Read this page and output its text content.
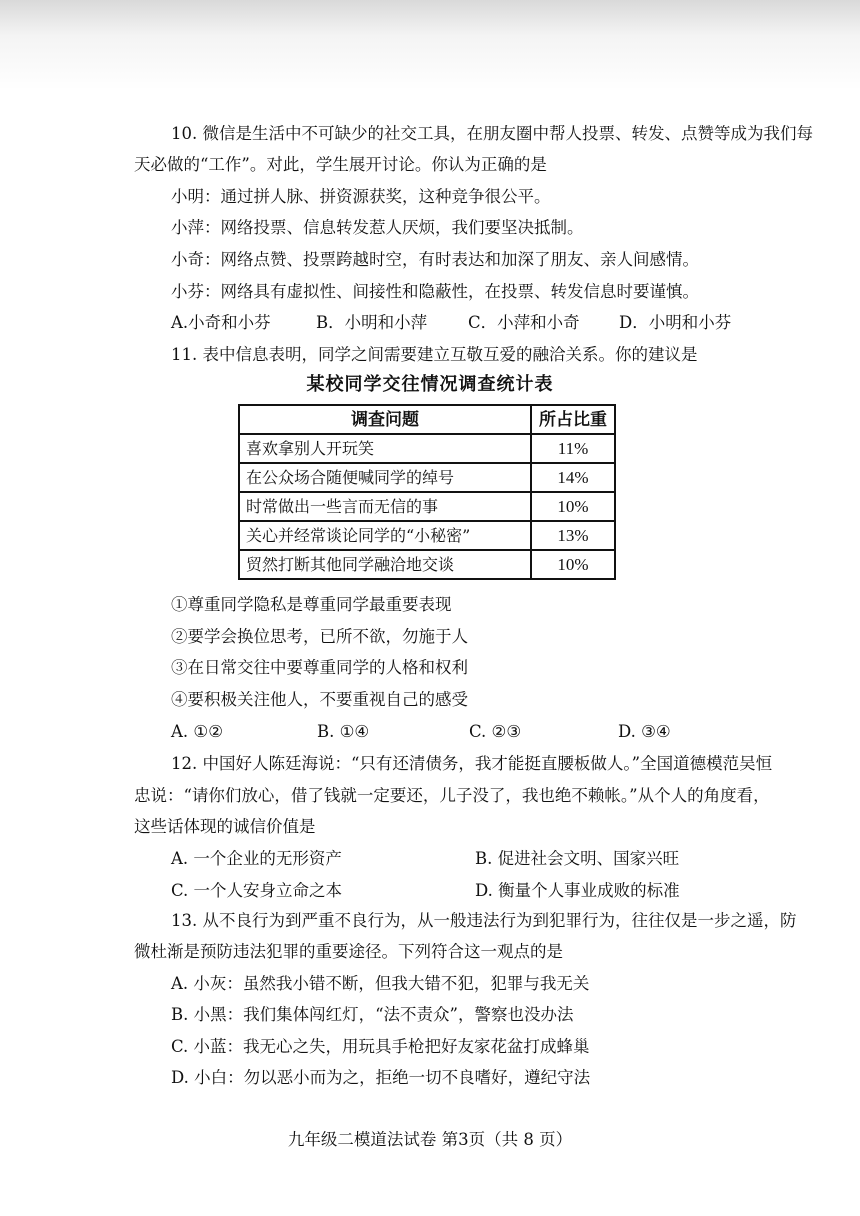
10. 微信是生活中不可缺少的社交工具，在朋友圈中帮人投票、转发、点赞等成为我们每
天必做的“工作”。对此，学生展开讨论。你认为正确的是
小明：通过拼人脉、拼资源获奖，这种竞争很公平。
小萍：网络投票、信息转发惹人厌烦，我们要坚决抵制。
小奇：网络点赞、投票跨越时空，有时表达和加深了朋友、亲人间感情。
小芬：网络具有虚拟性、间接性和隐蔽性，在投票、转发信息时要谨慎。
A.小奇和小芬	B．小明和小萍 C．小萍和小奇 D．小明和小芬
11. 表中信息表明，同学之间需要建立互敬互爱的融洽关系。你的建议是
某校同学交往情况调查统计表
调查问题	所占比重
喜欢拿别人开玩笑	11%
在公众场合随便喊同学的绰号	14%
时常做出一些言而无信的事	10%
关心并经常谈论同学的“小秘密”	13%
贸然打断其他同学融洽地交谈	10%
①尊重同学隐私是尊重同学最重要表现
②要学会换位思考，已所不欲，勿施于人
③在日常交往中要尊重同学的人格和权利
④要积极关注他人，不要重视自己的感受
A. ①②	B. ①④	C. ②③	D. ③④
12. 中国好人陈廷海说：“只有还清债务，我才能挺直腰板做人。”全国道德模范吴恒
忠说：“请你们放心，借了钱就一定要还，儿子没了，我也绝不赖帐。”从个人的角度看，
这些话体现的诚信价值是
A. 一个企业的无形资产	B. 促进社会文明、国家兴旺
C. 一个人安身立命之本	D. 衡量个人事业成败的标准
13. 从不良行为到严重不良行为，从一般违法行为到犯罪行为，往往仅是一步之遥，防
微杜渐是预防违法犯罪的重要途径。下列符合这一观点的是
A. 小灰：虽然我小错不断，但我大错不犯，犯罪与我无关
B. 小黑：我们集体闯红灯，“法不责众”，警察也没办法
C. 小蓝：我无心之失，用玩具手枪把好友家花盆打成蜂巢
D. 小白：勿以恶小而为之，拒绝一切不良嗜好，遵纪守法
九年级二模道法试卷 第3页（共 8 页）
